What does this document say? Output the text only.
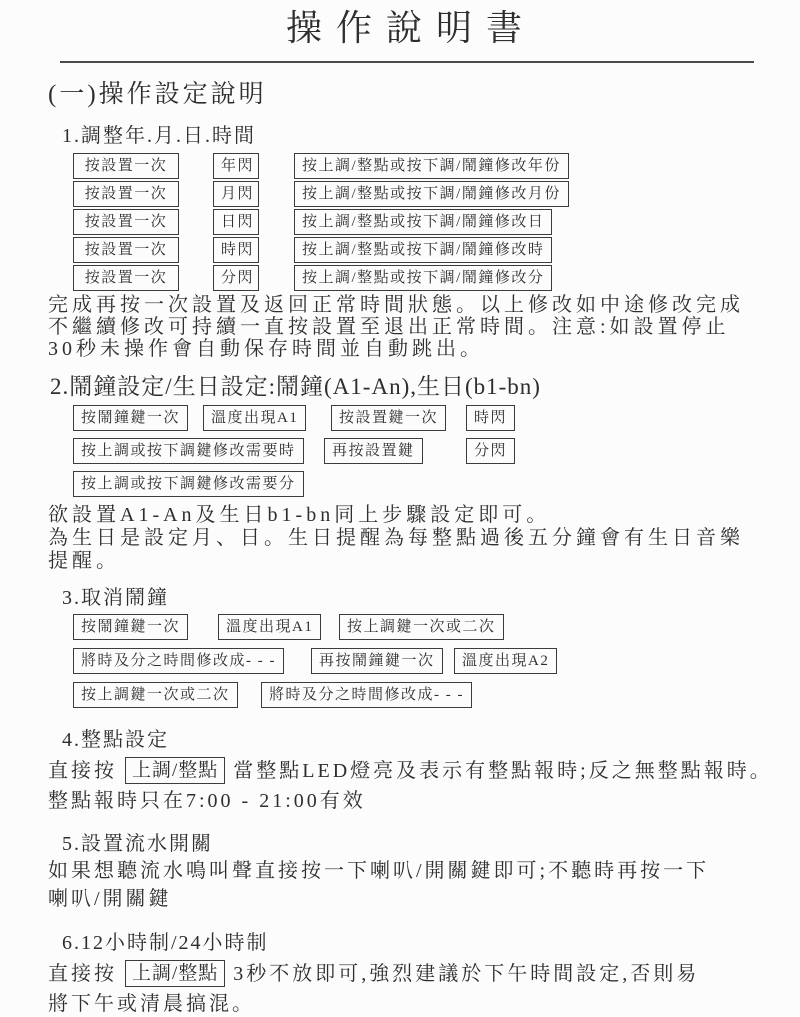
操作說明書
(一)操作設定說明
1.調整年.月.日.時間
按設置一次	年閃	按上調/整點或按下調/鬧鐘修改年份
按設置一次	月閃	按上調/整點或按下調/鬧鐘修改月份
按設置一次	日閃	按上調/整點或按下調/鬧鐘修改日
按設置一次	時閃	按上調/整點或按下調/鬧鐘修改時
按設置一次	分閃	按上調/整點或按下調/鬧鐘修改分
完成再按一次設置及返回正常時間狀態。以上修改如中途修改完成
不繼續修改可持續一直按設置至退出正常時間。注意:如設置停止
30秒未操作會自動保存時間並自動跳出。
2.鬧鐘設定/生日設定:鬧鐘(A1-An),生日(b1-bn)
按鬧鐘鍵一次	溫度出現A1	按設置鍵一次	時閃
按上調或按下調鍵修改需要時	再按設置鍵	分閃
按上調或按下調鍵修改需要分
欲設置A1-An及生日b1-bn同上步驟設定即可。
為生日是設定月、日。生日提醒為每整點過後五分鐘會有生日音樂
提醒。
3.取消鬧鐘
按鬧鐘鍵一次	溫度出現A1	按上調鍵一次或二次
將時及分之時間修改成- - -	再按鬧鐘鍵一次	溫度出現A2
按上調鍵一次或二次	將時及分之時間修改成- - -
4.整點設定
直接按 上調/整點 當整點LED燈亮及表示有整點報時;反之無整點報時。
整點報時只在7:00 - 21:00有效
5.設置流水開關
如果想聽流水鳴叫聲直接按一下喇叭/開關鍵即可;不聽時再按一下
喇叭/開關鍵
6.12小時制/24小時制
直接按 上調/整點 3秒不放即可,強烈建議於下午時間設定,否則易
將下午或清晨搞混。
